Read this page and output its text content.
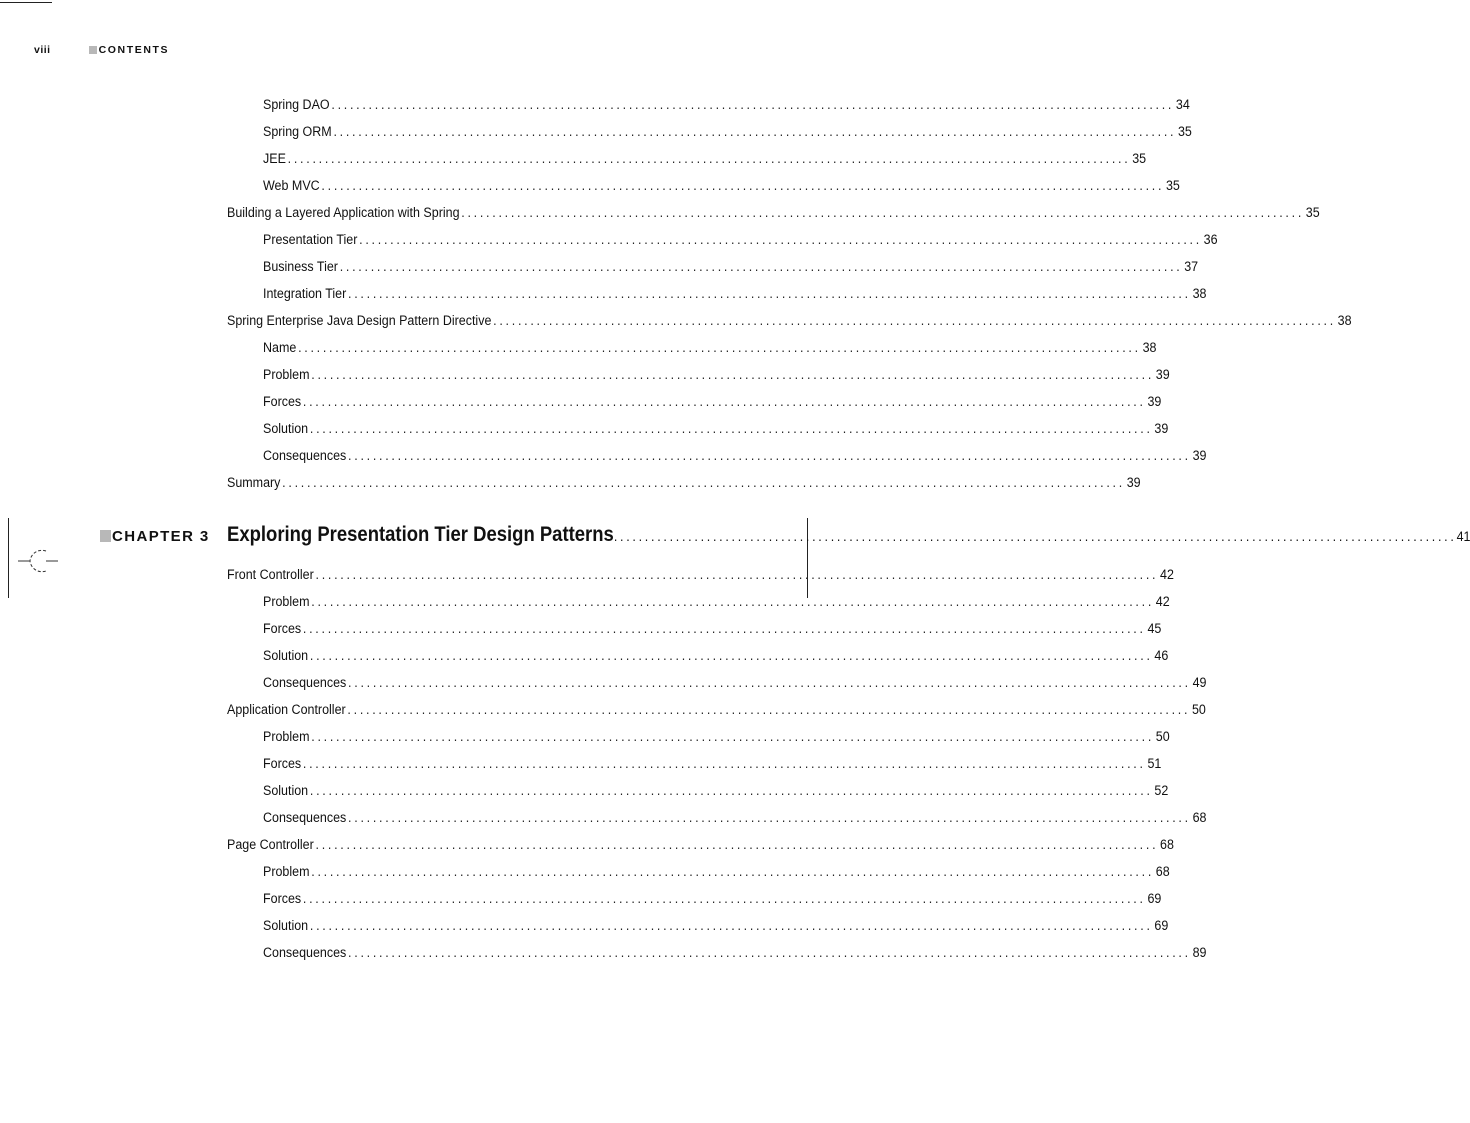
viii	CONTENTS
CHAPTER 3 Exploring Presentation Tier Design Patterns ........................................................................................................................................ 41
Spring DAO ........................................................................................................................................ 34
Spring ORM ........................................................................................................................................ 35
JEE ........................................................................................................................................ 35
Web MVC ........................................................................................................................................ 35
Building a Layered Application with Spring ........................................................................................................................................ 35
Presentation Tier ........................................................................................................................................ 36
Business Tier ........................................................................................................................................ 37
Integration Tier ........................................................................................................................................ 38
Spring Enterprise Java Design Pattern Directive ........................................................................................................................................ 38
Name ........................................................................................................................................ 38
Problem ........................................................................................................................................ 39
Forces ........................................................................................................................................ 39
Solution ........................................................................................................................................ 39
Consequences ........................................................................................................................................ 39
Summary ........................................................................................................................................ 39
Front Controller ........................................................................................................................................ 42
Problem ........................................................................................................................................ 42
Forces ........................................................................................................................................ 45
Solution ........................................................................................................................................ 46
Consequences ........................................................................................................................................ 49
Application Controller ........................................................................................................................................ 50
Problem ........................................................................................................................................ 50
Forces ........................................................................................................................................ 51
Solution ........................................................................................................................................ 52
Consequences ........................................................................................................................................ 68
Page Controller ........................................................................................................................................ 68
Problem ........................................................................................................................................ 68
Forces ........................................................................................................................................ 69
Solution ........................................................................................................................................ 69
Consequences ........................................................................................................................................ 89
